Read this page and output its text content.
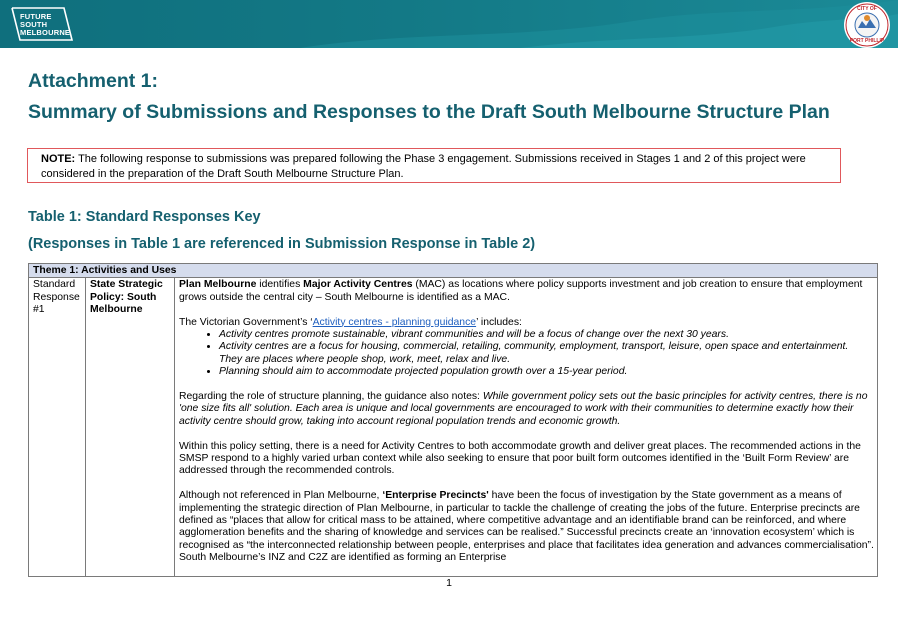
FUTURE
SOUTH
MELBOURNE
CITY OF
PORT PHILLIP
Attachment 1:
Summary of Submissions and Responses to the Draft South Melbourne Structure Plan
NOTE: The following response to submissions was prepared following the Phase 3 engagement. Submissions received in Stages 1 and 2 of this project were considered in the preparation of the Draft South Melbourne Structure Plan.
Table 1: Standard Responses Key
(Responses in Table 1 are referenced in Submission Response in Table 2)
Theme 1: Activities and Uses
Standard Response #1	State Strategic Policy: South Melbourne	

Plan Melbourne identifies Major Activity Centres (MAC) as locations where policy supports investment and job creation to ensure that employment grows outside the central city – South Melbourne is identified as a MAC.

The Victorian Government’s ‘Activity centres - planning guidance’ includes:

• Activity centres promote sustainable, vibrant communities and will be a focus of change over the next 30 years.
• Activity centres are a focus for housing, commercial, retailing, community, employment, transport, leisure, open space and entertainment. They are places where people shop, work, meet, relax and live.
• Planning should aim to accommodate projected population growth over a 15-year period.

Regarding the role of structure planning, the guidance also notes: While government policy sets out the basic principles for activity centres, there is no 'one size fits all' solution. Each area is unique and local governments are encouraged to work with their communities to determine exactly how their activity centre should grow, taking into account regional population trends and economic growth.

Within this policy setting, there is a need for Activity Centres to both accommodate growth and deliver great places. The recommended actions in the SMSP respond to a highly varied urban context while also seeking to ensure that poor built form outcomes identified in the ‘Built Form Review’ are addressed through the recommended controls.

Although not referenced in Plan Melbourne, ‘Enterprise Precincts' have been the focus of investigation by the State government as a means of implementing the strategic direction of Plan Melbourne, in particular to tackle the challenge of creating the jobs of the future. Enterprise precincts are defined as “places that allow for critical mass to be attained, where competitive advantage and an identifiable brand can be reinforced, and where agglomeration benefits and the sharing of knowledge and services can be realised.” Successful precincts create an ‘innovation ecosystem’ which is recognised as “the interconnected relationship between people, enterprises and place that facilitates idea generation and advances commercialisation”. South Melbourne’s INZ and C2Z are identified as forming an Enterprise

1
